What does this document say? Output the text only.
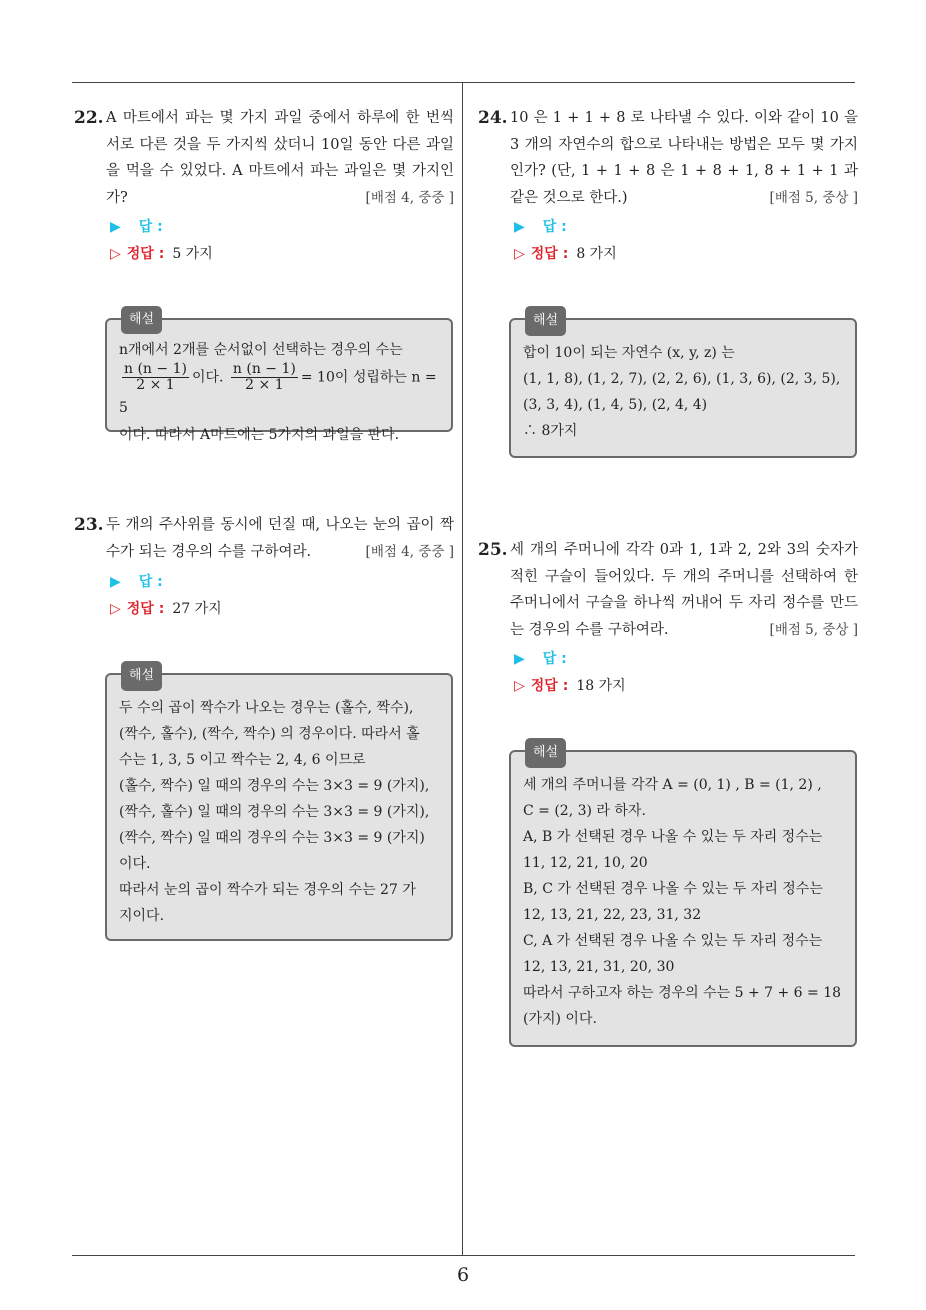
6
22. A 마트에서 파는 몇 가지 과일 중에서 하루에 한 번씩 서로 다른 것을 두 가지씩 샀더니 10일 동안 다른 과일을 먹을 수 있었다. A 마트에서 파는 과일은 몇 가지인가?	[배점 4, 중중 ]
▶ 답 :
▷ 정답 : 5 가지
해설

n개에서 2개를 순서없이 선택하는 경우의 수는

$\frac{n (n - 1)}{2 \times 1}$ 이다. $\frac{n (n - 1)}{2 \times 1} = 10$이 성립하는 n = 5

이다. 따라서 A마트에는 5가지의 과일을 판다.

23. 두 개의 주사위를 동시에 던질 때, 나오는 눈의 곱이 짝수가 되는 경우의 수를 구하여라.	[배점 4, 중중 ]
▶ 답 :
▷ 정답 : 27 가지
해설

두 수의 곱이 짝수가 나오는 경우는 (홀수, 짝수),

(짝수, 홀수), (짝수, 짝수) 의 경우이다. 따라서 홀

수는 1, 3, 5 이고 짝수는 2, 4, 6 이므로

(홀수, 짝수) 일 때의 경우의 수는 3×3 = 9 (가지),

(짝수, 홀수) 일 때의 경우의 수는 3×3 = 9 (가지),

(짝수, 짝수) 일 때의 경우의 수는 3×3 = 9 (가지)

이다.

따라서 눈의 곱이 짝수가 되는 경우의 수는 27 가

지이다.

24. 10 은 1 + 1 + 8 로 나타낼 수 있다. 이와 같이 10 을 3 개의 자연수의 합으로 나타내는 방법은 모두 몇 가지인가? (단, 1 + 1 + 8 은 1 + 8 + 1, 8 + 1 + 1 과 같은 것으로 한다.)	[배점 5, 중상 ]
▶ 답 :
▷ 정답 : 8 가지
해설

합이 10이 되는 자연수 (x, y, z) 는

(1, 1, 8), (1, 2, 7), (2, 2, 6), (1, 3, 6), (2, 3, 5),

(3, 3, 4), (1, 4, 5), (2, 4, 4)

∴ 8가지

25. 세 개의 주머니에 각각 0과 1, 1과 2, 2와 3의 숫자가 적힌 구슬이 들어있다. 두 개의 주머니를 선택하여 한 주머니에서 구슬을 하나씩 꺼내어 두 자리 정수를 만드는 경우의 수를 구하여라.	[배점 5, 중상 ]
▶ 답 :
▷ 정답 : 18 가지
해설

세 개의 주머니를 각각 A = (0, 1) , B = (1, 2) ,

C = (2, 3) 라 하자.

A, B 가 선택된 경우 나올 수 있는 두 자리 정수는

11, 12, 21, 10, 20

B, C 가 선택된 경우 나올 수 있는 두 자리 정수는

12, 13, 21, 22, 23, 31, 32

C, A 가 선택된 경우 나올 수 있는 두 자리 정수는

12, 13, 21, 31, 20, 30

따라서 구하고자 하는 경우의 수는 5 + 7 + 6 = 18

(가지) 이다.
